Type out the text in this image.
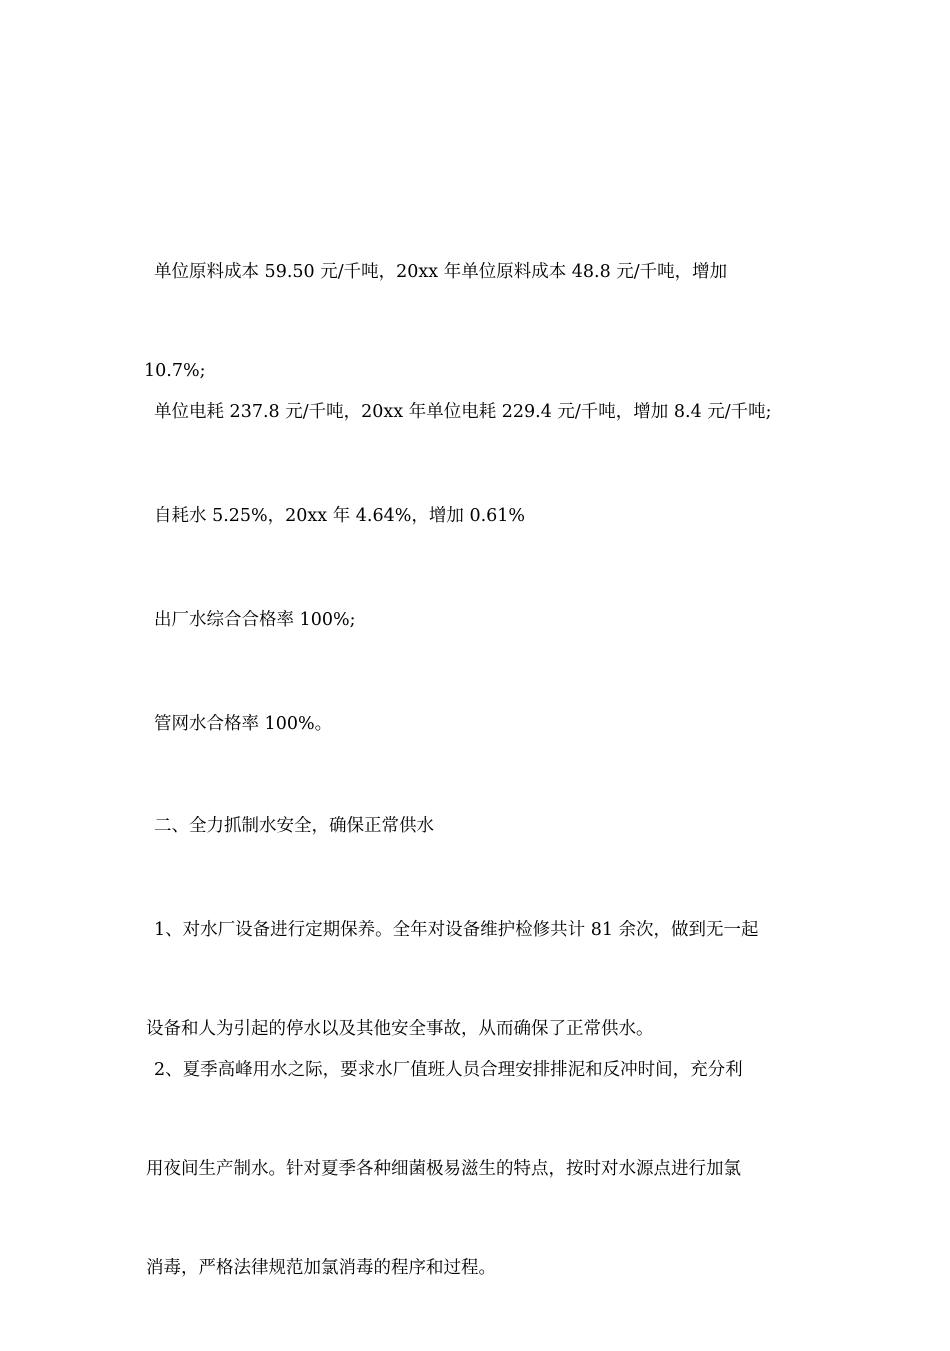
单位原料成本 59.50 元/千吨，20xx 年单位原料成本 48.8 元/千吨，增加

10.7%;

单位电耗 237.8 元/千吨，20xx 年单位电耗 229.4 元/千吨，增加 8.4 元/千吨;

自耗水 5.25%，20xx 年 4.64%，增加 0.61%

出厂水综合合格率 100%;

管网水合格率 100%。

二、全力抓制水安全，确保正常供水

1、对水厂设备进行定期保养。全年对设备维护检修共计 81 余次，做到无一起

设备和人为引起的停水以及其他安全事故，从而确保了正常供水。

2、夏季高峰用水之际，要求水厂值班人员合理安排排泥和反冲时间，充分利

用夜间生产制水。针对夏季各种细菌极易滋生的特点，按时对水源点进行加氯

消毒，严格法律规范加氯消毒的程序和过程。
